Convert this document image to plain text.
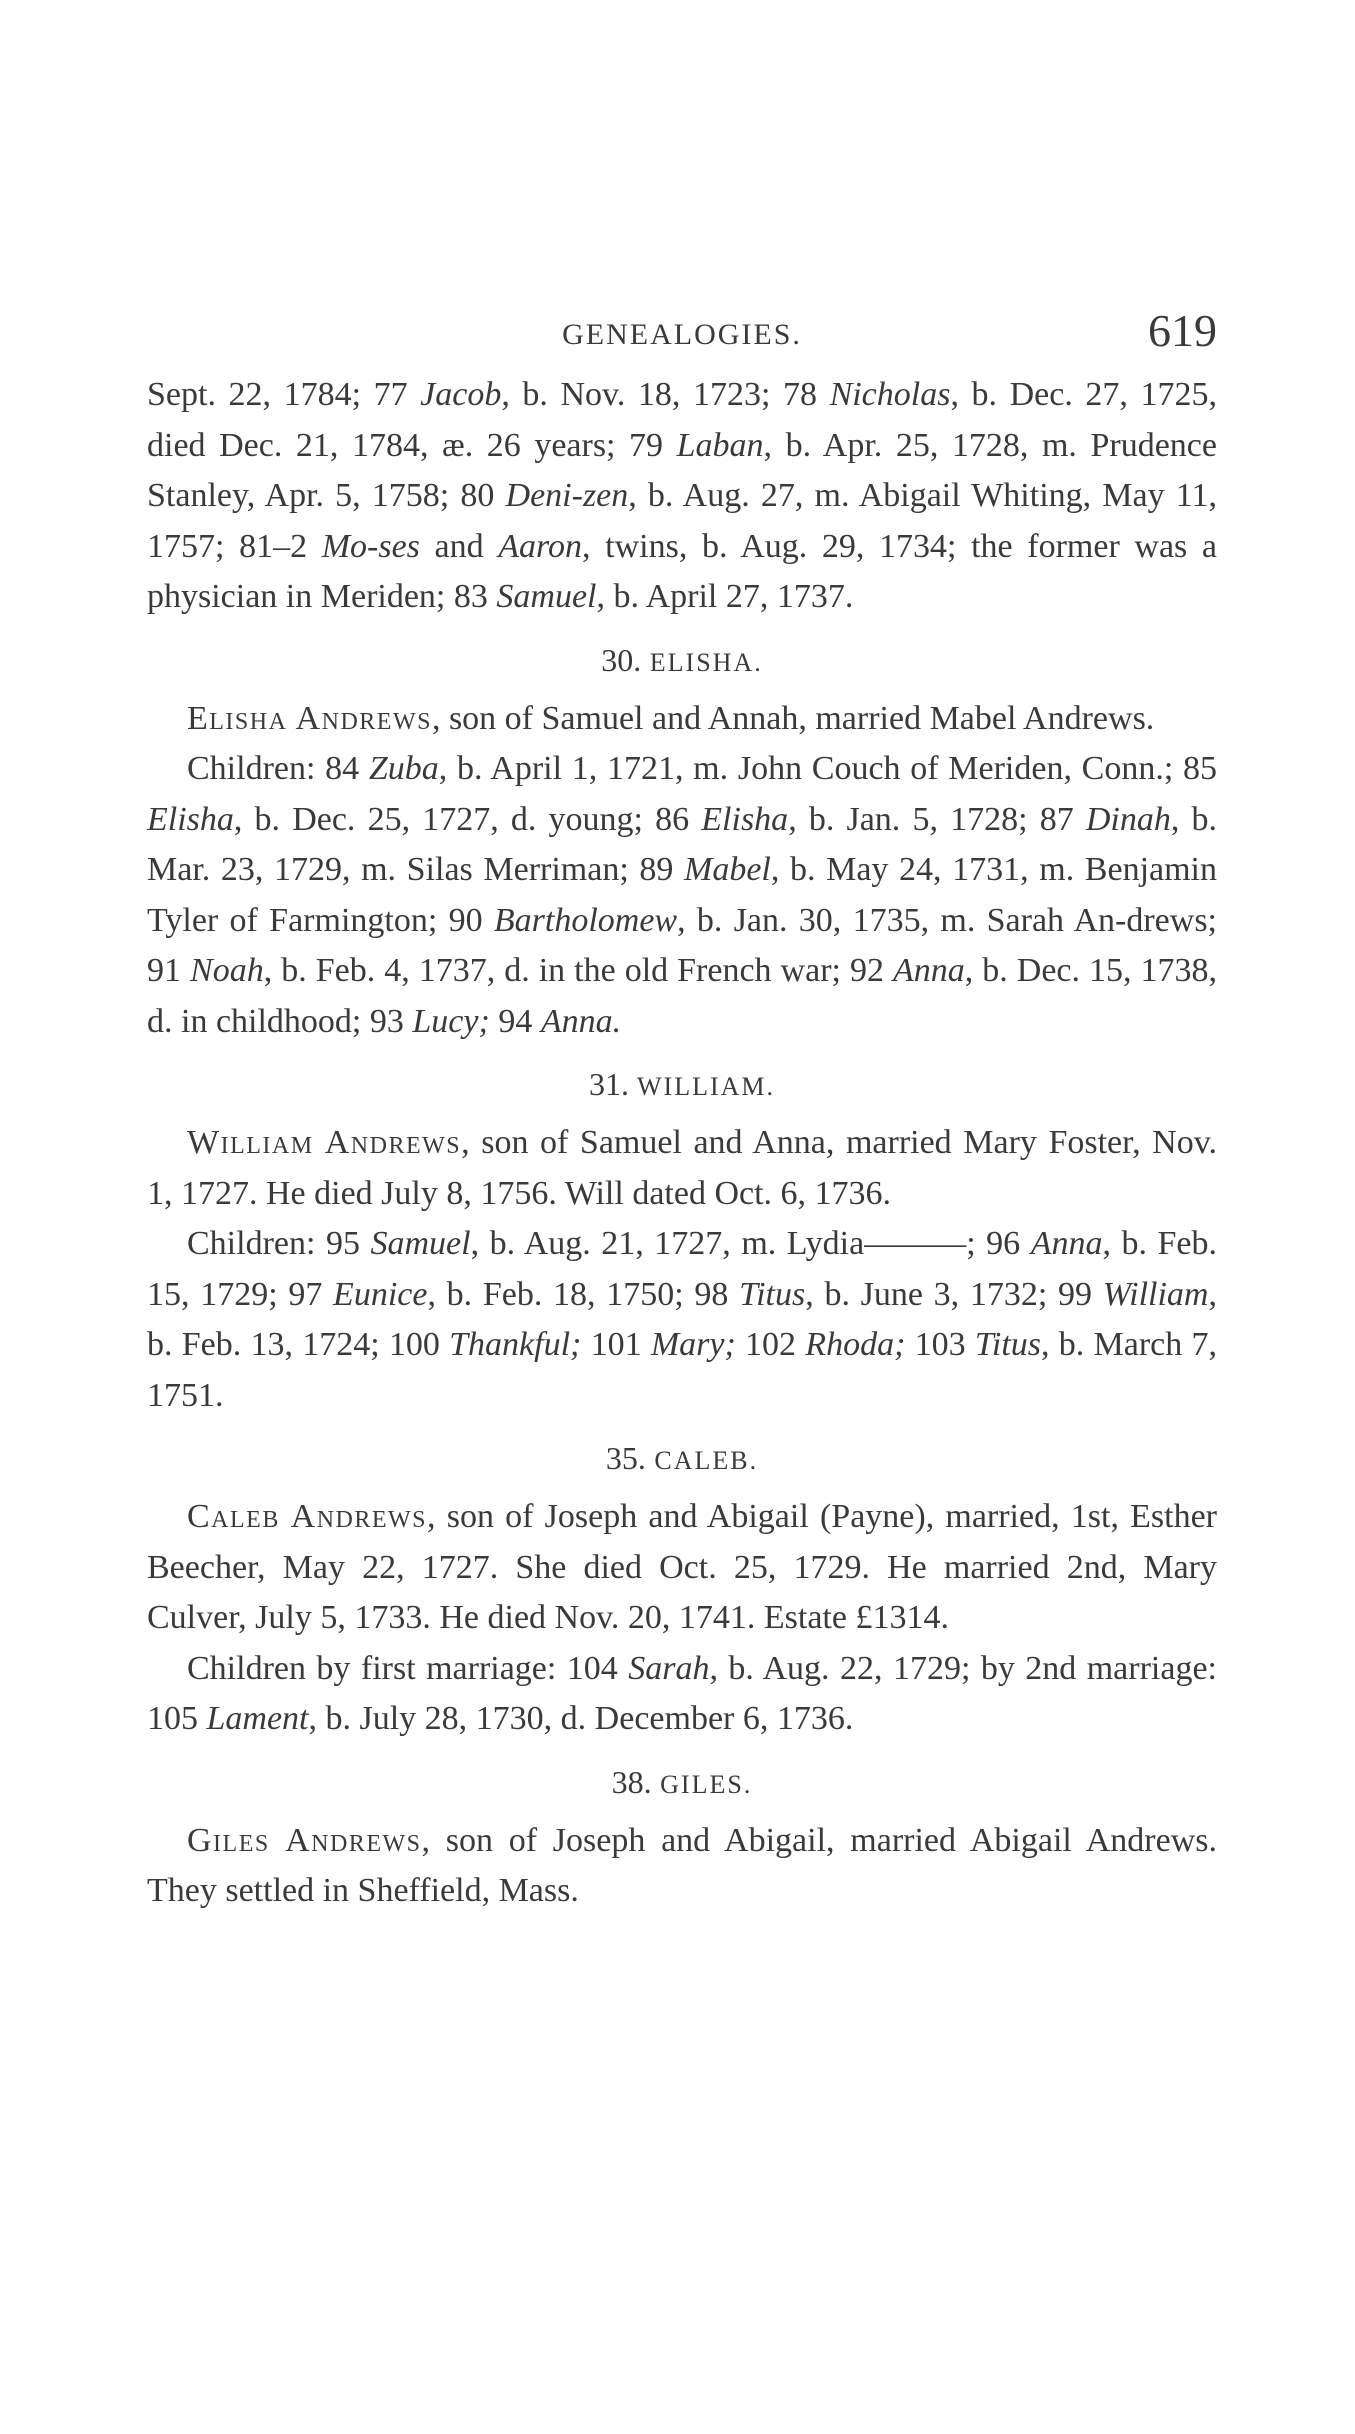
GENEALOGIES.	619

Sept. 22, 1784; 77 Jacob, b. Nov. 18, 1723; 78 Nicholas, b. Dec. 27, 1725, died Dec. 21, 1784, æ. 26 years; 79 Laban, b. Apr. 25, 1728, m. Prudence Stanley, Apr. 5, 1758; 80 Deni-zen, b. Aug. 27, m. Abigail Whiting, May 11, 1757; 81–2 Mo-ses and Aaron, twins, b. Aug. 29, 1734; the former was a physician in Meriden; 83 Samuel, b. April 27, 1737.

30. ELISHA.

Elisha Andrews, son of Samuel and Annah, married Mabel Andrews.

Children: 84 Zuba, b. April 1, 1721, m. John Couch of Meriden, Conn.; 85 Elisha, b. Dec. 25, 1727, d. young; 86 Elisha, b. Jan. 5, 1728; 87 Dinah, b. Mar. 23, 1729, m. Silas Merriman; 89 Mabel, b. May 24, 1731, m. Benjamin Tyler of Farmington; 90 Bartholomew, b. Jan. 30, 1735, m. Sarah An-drews; 91 Noah, b. Feb. 4, 1737, d. in the old French war; 92 Anna, b. Dec. 15, 1738, d. in childhood; 93 Lucy; 94 Anna.

31. WILLIAM.

William Andrews, son of Samuel and Anna, married Mary Foster, Nov. 1, 1727. He died July 8, 1756. Will dated Oct. 6, 1736.

Children: 95 Samuel, b. Aug. 21, 1727, m. Lydia———; 96 Anna, b. Feb. 15, 1729; 97 Eunice, b. Feb. 18, 1750; 98 Titus, b. June 3, 1732; 99 William, b. Feb. 13, 1724; 100 Thankful; 101 Mary; 102 Rhoda; 103 Titus, b. March 7, 1751.

35. CALEB.

Caleb Andrews, son of Joseph and Abigail (Payne), married, 1st, Esther Beecher, May 22, 1727. She died Oct. 25, 1729. He married 2nd, Mary Culver, July 5, 1733. He died Nov. 20, 1741. Estate £1314.

Children by first marriage: 104 Sarah, b. Aug. 22, 1729; by 2nd marriage: 105 Lament, b. July 28, 1730, d. December 6, 1736.

38. GILES.

Giles Andrews, son of Joseph and Abigail, married Abigail Andrews. They settled in Sheffield, Mass.
